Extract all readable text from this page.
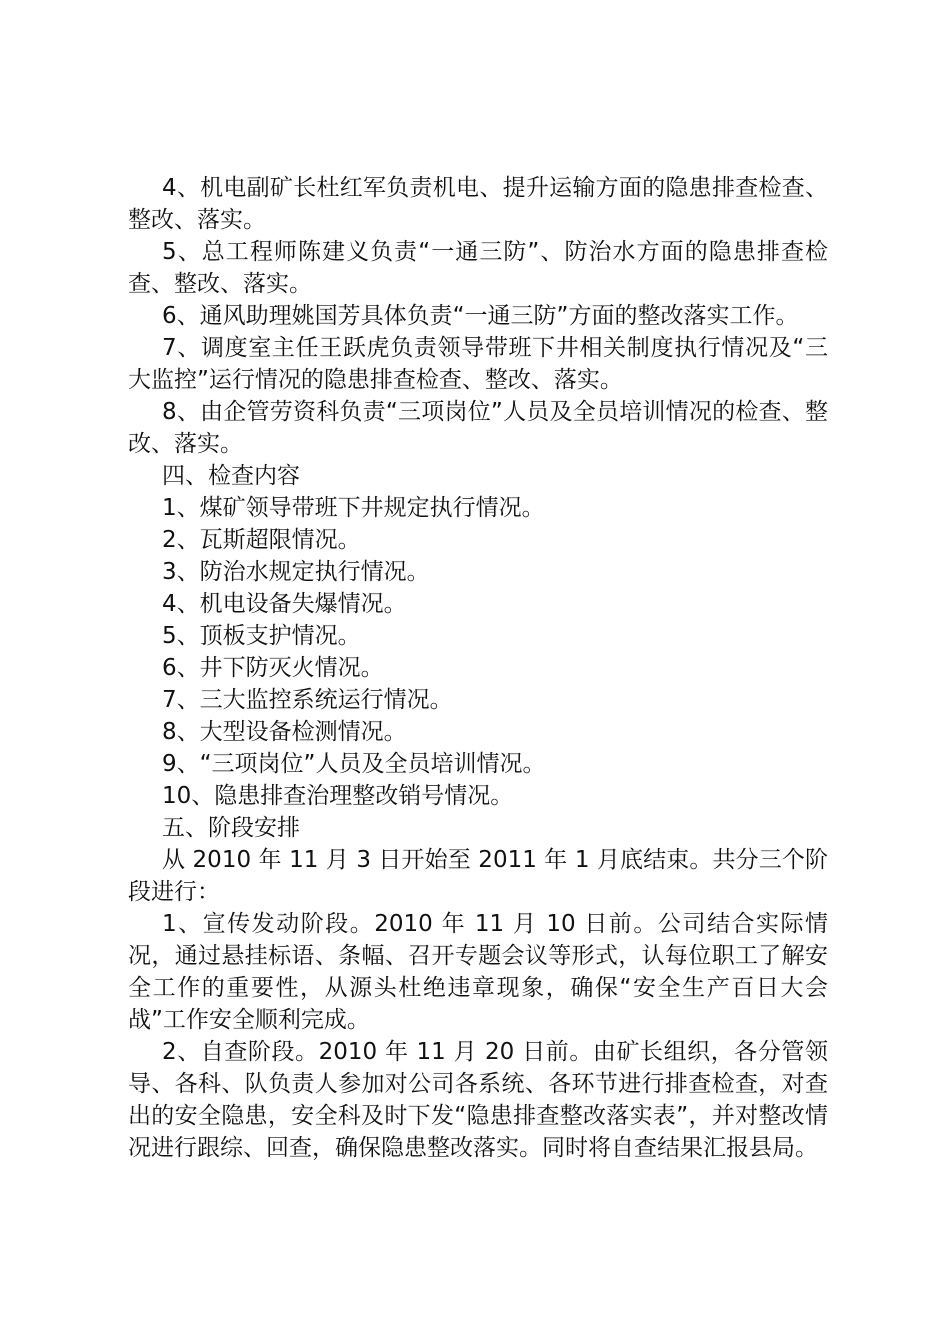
4、机电副矿长杜红军负责机电、提升运输方面的隐患排查检查、整改、落实。

5、总工程师陈建义负责“一通三防”、防治水方面的隐患排查检查、整改、落实。

6、通风助理姚国芳具体负责“一通三防”方面的整改落实工作。

7、调度室主任王跃虎负责领导带班下井相关制度执行情况及“三大监控”运行情况的隐患排查检查、整改、落实。

8、由企管劳资科负责“三项岗位”人员及全员培训情况的检查、整改、落实。

四、检查内容

1、煤矿领导带班下井规定执行情况。

2、瓦斯超限情况。

3、防治水规定执行情况。

4、机电设备失爆情况。

5、顶板支护情况。

6、井下防灭火情况。

7、三大监控系统运行情况。

8、大型设备检测情况。

9、“三项岗位”人员及全员培训情况。

10、隐患排查治理整改销号情况。

五、阶段安排

从 2010 年 11 月 3 日开始至 2011 年 1 月底结束。共分三个阶段进行：

1、宣传发动阶段。2010 年 11 月 10 日前。公司结合实际情况，通过悬挂标语、条幅、召开专题会议等形式，认每位职工了解安全工作的重要性，从源头杜绝违章现象，确保“安全生产百日大会战”工作安全顺利完成。

2、自查阶段。2010 年 11 月 20 日前。由矿长组织，各分管领导、各科、队负责人参加对公司各系统、各环节进行排查检查，对查出的安全隐患，安全科及时下发“隐患排查整改落实表”，并对整改情况进行跟综、回查，确保隐患整改落实。同时将自查结果汇报县局。
